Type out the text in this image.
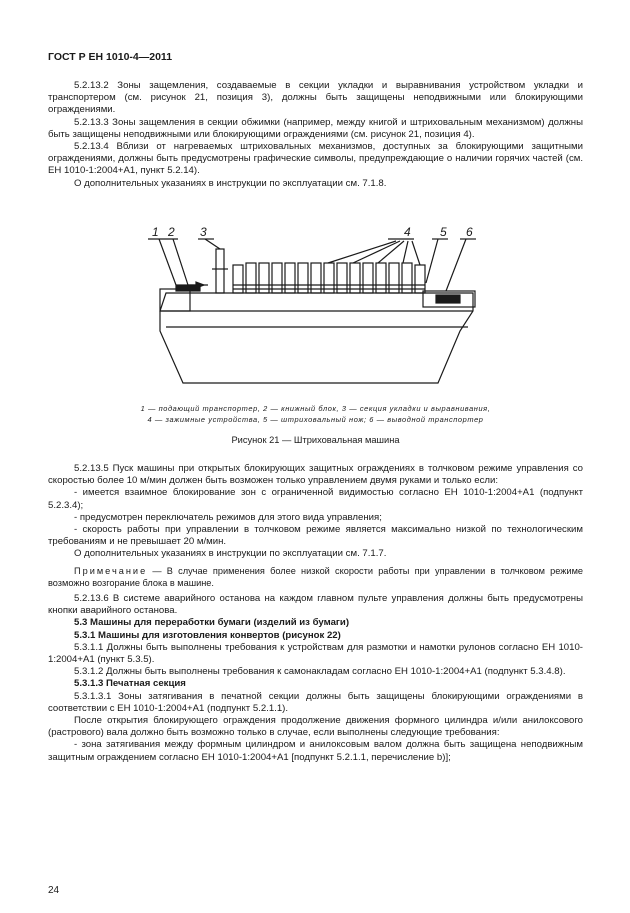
ГОСТ Р ЕН 1010-4—2011

5.2.13.2 Зоны защемления, создаваемые в секции укладки и выравнивания устройством укладки и транспортером (см. рисунок 21, позиция 3), должны быть защищены неподвижными или блокирующими ограждениями.

5.2.13.3 Зоны защемления в секции обжимки (например, между книгой и штриховальным механизмом) должны быть защищены неподвижными или блокирующими ограждениями (см. рисунок 21, позиция 4).

5.2.13.4 Вблизи от нагреваемых штриховальных механизмов, доступных за блокирующими защитными ограждениями, должны быть предусмотрены графические символы, предупреждающие о наличии горячих частей (см. ЕН 1010-1:2004+А1, пункт 5.2.14).

О дополнительных указаниях в инструкции по эксплуатации см. 7.1.8.

1 2 3	4 5 6
1 — подающий транспортер, 2 — книжный блок, 3 — секция укладки и выравнивания,
4 — зажимные устройства, 5 — штриховальный нож; 6 — выводной транспортер
Рисунок 21 — Штриховальная машина

5.2.13.5 Пуск машины при открытых блокирующих защитных ограждениях в толчковом режиме управления со скоростью более 10 м/мин должен быть возможен только управлением двумя руками и только если:

- имеется взаимное блокирование зон с ограниченной видимостью согласно ЕН 1010-1:2004+А1 (подпункт 5.2.3.4);

- предусмотрен переключатель режимов для этого вида управления;

- скорость работы при управлении в толчковом режиме является максимально низкой по технологическим требованиям и не превышает 20 м/мин.

О дополнительных указаниях в инструкции по эксплуатации см. 7.1.7.

Примечание — В случае применения более низкой скорости работы при управлении в толчковом режиме возможно возгорание блока в машине.

5.2.13.6 В системе аварийного останова на каждом главном пульте управления должны быть предусмотрены кнопки аварийного останова.

5.3 Машины для переработки бумаги (изделий из бумаги)

5.3.1 Машины для изготовления конвертов (рисунок 22)

5.3.1.1 Должны быть выполнены требования к устройствам для размотки и намотки рулонов согласно ЕН 1010-1:2004+А1 (пункт 5.3.5).

5.3.1.2 Должны быть выполнены требования к самонакладам согласно ЕН 1010-1:2004+А1 (подпункт 5.3.4.8).

5.3.1.3 Печатная секция

5.3.1.3.1 Зоны затягивания в печатной секции должны быть защищены блокирующими ограждениями в соответствии с ЕН 1010-1:2004+А1 (подпункт 5.2.1.1).

После открытия блокирующего ограждения продолжение движения формного цилиндра и/или анилоксового (растрового) вала должно быть возможно только в случае, если выполнены следующие требования:

- зона затягивания между формным цилиндром и анилоксовым валом должна быть защищена неподвижным защитным ограждением согласно ЕН 1010-1:2004+А1 [подпункт 5.2.1.1, перечисление b)];

24
